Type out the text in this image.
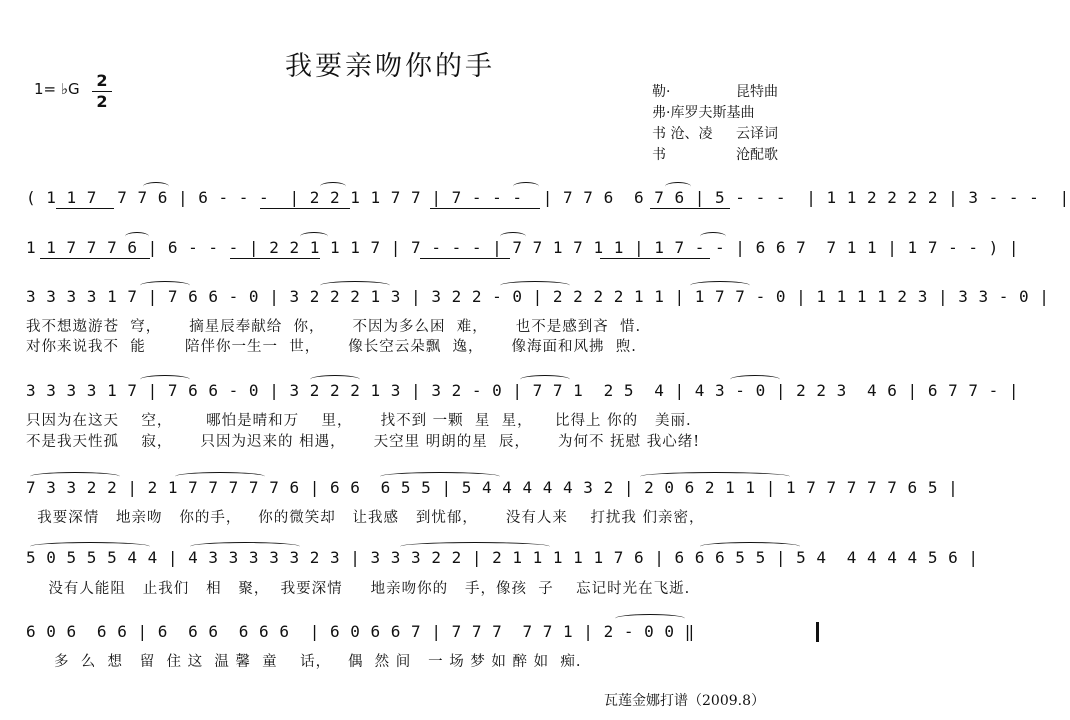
我要亲吻你的手
1= ♭G 2
2	勒·	昆特曲
弗·库罗夫斯基曲
书 沧、凌	云译词
书	沧配歌
( 1 1 7  7 7 6 | 6 - - -  | 2 2 1 1 7 7 | 7 - - -  | 7 7 6  6 7 6 | 5 - - -  | 1 1 2 2 2 2 | 3 - - -  |
1 1 7 7 7 6 | 6 - - - | 2 2 1 1 1 7 | 7 - - - | 7 7 1 7 1 1 | 1 7 - - | 6 6 7  7 1 1 | 1 7 - - ) |
3 3 3 3 1 7 | 7 6 6 - 0 | 3 2 2 2 1 3 | 3 2 2 - 0 | 2 2 2 2 1 1 | 1 7 7 - 0 | 1 1 1 1 2 3 | 3 3 - 0 |
我不想遨游苍  穹，     摘星辰奉献给  你，     不因为多么困  难，     也不是感到吝  惜.
对你来说我不  能       陪伴你一生一  世，     像长空云朵飘  逸，     像海面和风拂  煦.
3 3 3 3 1 7 | 7 6 6 - 0 | 3 2 2 2 1 3 | 3 2 - 0 | 7 7 1  2 5  4 | 4 3 - 0 | 2 2 3  4 6 | 6 7 7 - |
只因为在这天    空，      哪怕是晴和万    里，     找不到 一颗  星  星，    比得上 你的   美丽.
不是我天性孤    寂，     只因为迟来的 相遇，     天空里 明朗的星  辰，     为何不 抚慰 我心绪!
7 3 3 2 2 | 2 1 7 7 7 7 7 6 | 6 6  6 5 5 | 5 4 4 4 4 4 3 2 | 2 0 6 2 1 1 | 1 7 7 7 7 7 6 5 |
我要深情   地亲吻   你的手，   你的微笑却   让我感   到忧郁，     没有人来    打扰我 们亲密，
5 0 5 5 5 4 4 | 4 3 3 3 3 3 2 3 | 3 3 3 2 2 | 2 1 1 1 1 1 7 6 | 6 6 6 5 5 | 5 4  4 4 4 4 5 6 |
没有人能阻   止我们   相   聚，  我要深情     地亲吻你的   手，像孩  子    忘记时光在飞逝.
6 0 6  6 6 | 6  6 6  6 6 6  | 6 0 6 6 7 | 7 7 7  7 7 1 | 2 - 0 0 ‖
多  么  想   留  住 这  温 馨  童    话，   偶  然 间   一 场 梦 如 醉 如  痴.
瓦莲金娜打谱（2009.8）
